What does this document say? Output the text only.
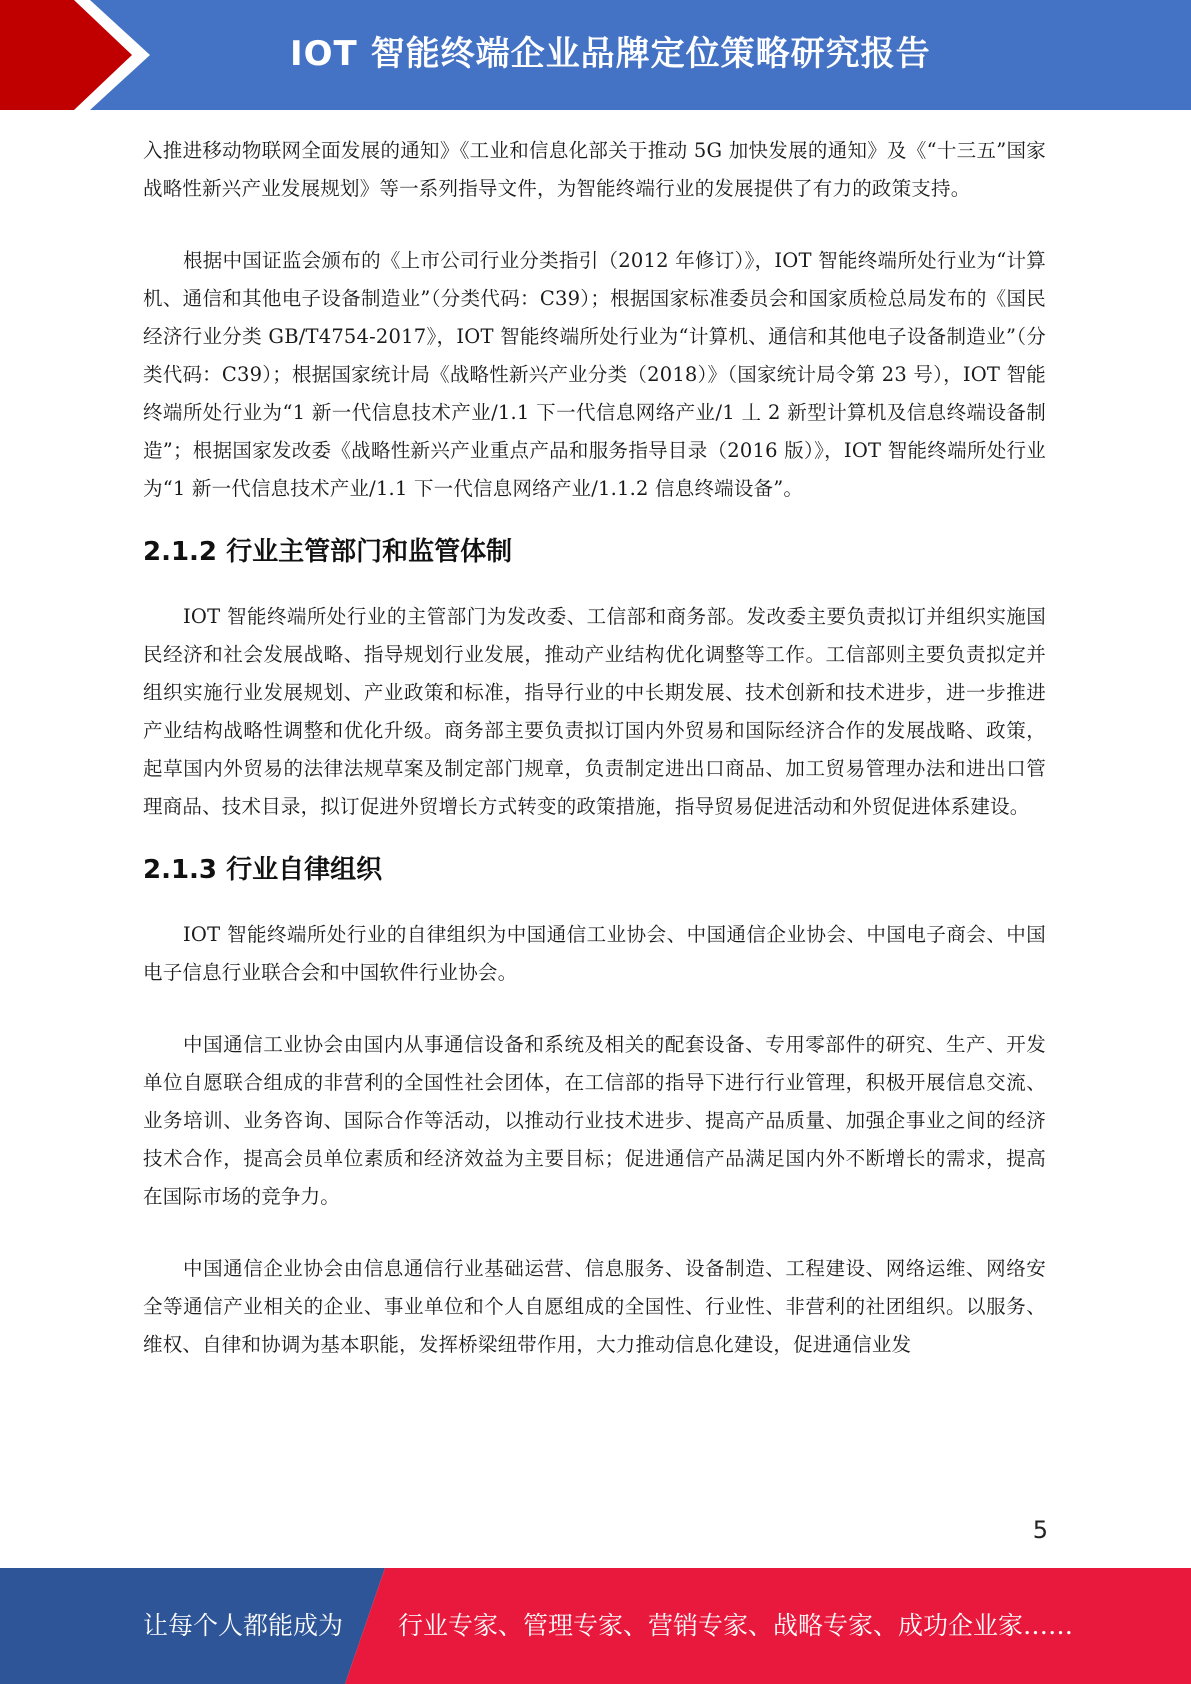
IOT 智能终端企业品牌定位策略研究报告

入推进移动物联网全面发展的通知》《工业和信息化部关于推动 5G 加快发展的通知》及《“十三五”国家战略性新兴产业发展规划》等一系列指导文件，为智能终端行业的发展提供了有力的政策支持。

根据中国证监会颁布的《上市公司行业分类指引（2012 年修订）》，IOT 智能终端所处行业为“计算机、通信和其他电子设备制造业”（分类代码：C39）；根据国家标准委员会和国家质检总局发布的《国民经济行业分类 GB/T4754-2017》，IOT 智能终端所处行业为“计算机、通信和其他电子设备制造业”（分类代码：C39）；根据国家统计局《战略性新兴产业分类（2018）》（国家统计局令第 23 号），IOT 智能终端所处行业为“1 新一代信息技术产业/1.1 下一代信息网络产业/1 丄 2 新型计算机及信息终端设备制造”；根据国家发改委《战略性新兴产业重点产品和服务指导目录（2016 版）》，IOT 智能终端所处行业为“1 新一代信息技术产业/1.1 下一代信息网络产业/1.1.2 信息终端设备”。

2.1.2 行业主管部门和监管体制

IOT 智能终端所处行业的主管部门为发改委、工信部和商务部。发改委主要负责拟订并组织实施国民经济和社会发展战略、指导规划行业发展，推动产业结构优化调整等工作。工信部则主要负责拟定并组织实施行业发展规划、产业政策和标准，指导行业的中长期发展、技术创新和技术进步，进一步推进产业结构战略性调整和优化升级。商务部主要负责拟订国内外贸易和国际经济合作的发展战略、政策，起草国内外贸易的法律法规草案及制定部门规章，负责制定进出口商品、加工贸易管理办法和进出口管理商品、技术目录，拟订促进外贸增长方式转变的政策措施，指导贸易促进活动和外贸促进体系建设。

2.1.3 行业自律组织

IOT 智能终端所处行业的自律组织为中国通信工业协会、中国通信企业协会、中国电子商会、中国电子信息行业联合会和中国软件行业协会。

中国通信工业协会由国内从事通信设备和系统及相关的配套设备、专用零部件的研究、生产、开发单位自愿联合组成的非营利的全国性社会团体，在工信部的指导下进行行业管理，积极开展信息交流、业务培训、业务咨询、国际合作等活动，以推动行业技术进步、提高产品质量、加强企事业之间的经济技术合作，提高会员单位素质和经济效益为主要目标；促进通信产品满足国内外不断增长的需求，提高在国际市场的竞争力。

中国通信企业协会由信息通信行业基础运营、信息服务、设备制造、工程建设、网络运维、网络安全等通信产业相关的企业、事业单位和个人自愿组成的全国性、行业性、非营利的社团组织。以服务、维权、自律和协调为基本职能，发挥桥梁纽带作用，大力推动信息化建设，促进通信业发

5
让每个人都能成为 行业专家、管理专家、营销专家、战略专家、成功企业家……
